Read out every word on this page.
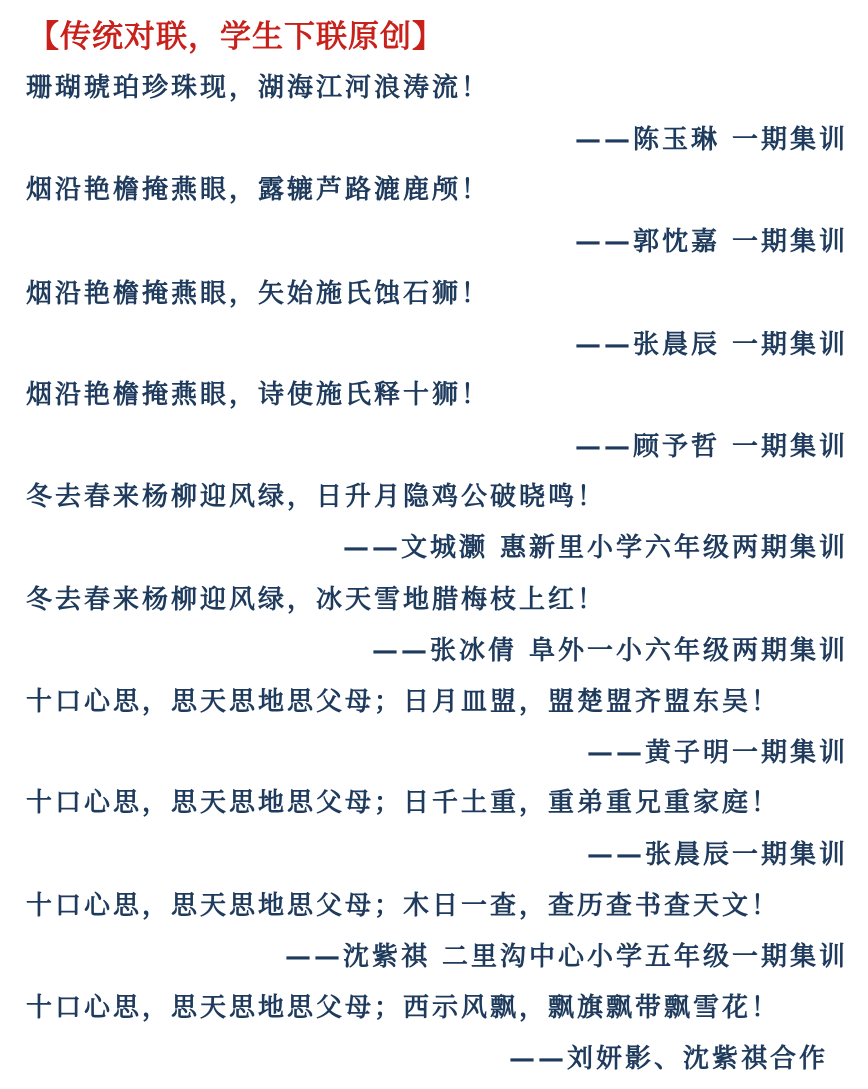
【传统对联，学生下联原创】
珊瑚琥珀珍珠现，湖海江河浪涛流！
——陈玉琳 一期集训
烟沿艳檐掩燕眼，露辘芦路漉鹿颅！
——郭忱嘉 一期集训
烟沿艳檐掩燕眼，矢始施氏蚀石狮！
——张晨辰 一期集训
烟沿艳檐掩燕眼，诗使施氏释十狮！
——顾予哲 一期集训
冬去春来杨柳迎风绿，日升月隐鸡公破晓鸣！
——文城灏 惠新里小学六年级两期集训
冬去春来杨柳迎风绿，冰天雪地腊梅枝上红！
——张冰倩 阜外一小六年级两期集训
十口心思，思天思地思父母；日月皿盟，盟楚盟齐盟东吴！
——黄子明一期集训
十口心思，思天思地思父母；日千土重，重弟重兄重家庭！
——张晨辰一期集训
十口心思，思天思地思父母；木日一查，查历查书查天文！
——沈紫祺 二里沟中心小学五年级一期集训
十口心思，思天思地思父母；西示风飘，飘旗飘带飘雪花！
——刘妍影、沈紫祺合作
